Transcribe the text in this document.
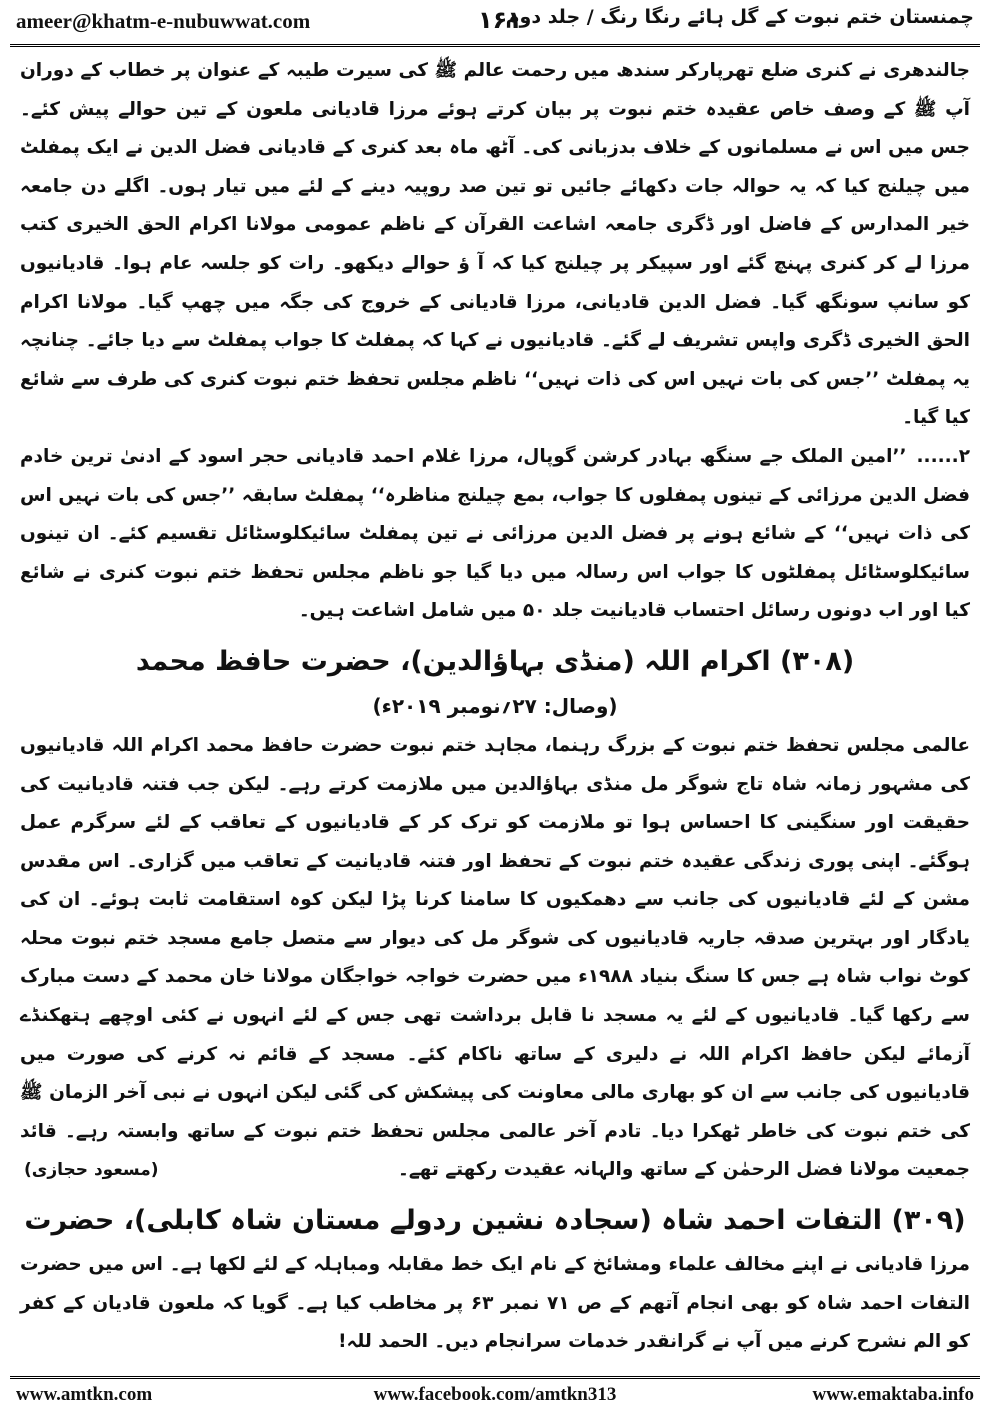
ameer@khatm-e-nubuwwat.com	۱۶۱
چمنستان ختم نبوت کے گل ہائے رنگا رنگ / جلد دوم

جالندھری نے کنری ضلع تھرپارکر سندھ میں رحمت عالم ﷺ کی سیرت طیبہ کے عنوان پر خطاب کے دوران آپ ﷺ کے وصف خاص عقیدہ ختم نبوت پر بیان کرتے ہوئے مرزا قادیانی ملعون کے تین حوالے پیش کئے۔ جس میں اس نے مسلمانوں کے خلاف بدزبانی کی۔ آٹھ ماہ بعد کنری کے قادیانی فضل الدین نے ایک پمفلٹ میں چیلنج کیا کہ یہ حوالہ جات دکھائے جائیں تو تین صد روپیہ دینے کے لئے میں تیار ہوں۔ اگلے دن جامعہ خیر المدارس کے فاضل اور ڈگری جامعہ اشاعت القرآن کے ناظم عمومی مولانا اکرام الحق الخیری کتب مرزا لے کر کنری پہنچ گئے اور سپیکر پر چیلنج کیا کہ آ ؤ حوالے دیکھو۔ رات کو جلسہ عام ہوا۔ قادیانیوں کو سانپ سونگھ گیا۔ فضل الدین قادیانی، مرزا قادیانی کے خروج کی جگہ میں چھپ گیا۔ مولانا اکرام الحق الخیری ڈگری واپس تشریف لے گئے۔ قادیانیوں نے کہا کہ پمفلٹ کا جواب پمفلٹ سے دیا جائے۔ چنانچہ یہ پمفلٹ ’’جس کی بات نہیں اس کی ذات نہیں‘‘ ناظم مجلس تحفظ ختم نبوت کنری کی طرف سے شائع کیا گیا۔

۲......’’امین الملک جے سنگھ بہادر کرشن گوپال، مرزا غلام احمد قادیانی حجر اسود کے ادنیٰ ترین خادم فضل الدین مرزائی کے تینوں پمفلوں کا جواب، بمع چیلنج مناظرہ‘‘ پمفلٹ سابقہ ’’جس کی بات نہیں اس کی ذات نہیں‘‘ کے شائع ہونے پر فضل الدین مرزائی نے تین پمفلٹ سائیکلوسٹائل تقسیم کئے۔ ان تینوں سائیکلوسٹائل پمفلٹوں کا جواب اس رسالہ میں دیا گیا جو ناظم مجلس تحفظ ختم نبوت کنری نے شائع کیا اور اب دونوں رسائل احتساب قادیانیت جلد ۵۰ میں شامل اشاعت ہیں۔

(۳۰۸) اکرام اللہ (منڈی بہاؤالدین)، حضرت حافظ محمد
(وصال: ۲۷؍نومبر ۲۰۱۹ء)

عالمی مجلس تحفظ ختم نبوت کے بزرگ رہنما، مجاہد ختم نبوت حضرت حافظ محمد اکرام اللہ قادیانیوں کی مشہور زمانہ شاہ تاج شوگر مل منڈی بہاؤالدین میں ملازمت کرتے رہے۔ لیکن جب فتنہ قادیانیت کی حقیقت اور سنگینی کا احساس ہوا تو ملازمت کو ترک کر کے قادیانیوں کے تعاقب کے لئے سرگرم عمل ہوگئے۔ اپنی پوری زندگی عقیدہ ختم نبوت کے تحفظ اور فتنہ قادیانیت کے تعاقب میں گزاری۔ اس مقدس مشن کے لئے قادیانیوں کی جانب سے دھمکیوں کا سامنا کرنا پڑا لیکن کوہ استقامت ثابت ہوئے۔ ان کی یادگار اور بہترین صدقہ جاریہ قادیانیوں کی شوگر مل کی دیوار سے متصل جامع مسجد ختم نبوت محلہ کوٹ نواب شاہ ہے جس کا سنگ بنیاد ۱۹۸۸ء میں حضرت خواجہ خواجگان مولانا خان محمد کے دست مبارک سے رکھا گیا۔ قادیانیوں کے لئے یہ مسجد نا قابل برداشت تھی جس کے لئے انہوں نے کئی اوچھے ہتھکنڈے آزمائے لیکن حافظ اکرام اللہ نے دلیری کے ساتھ ناکام کئے۔ مسجد کے قائم نہ کرنے کی صورت میں قادیانیوں کی جانب سے ان کو بھاری مالی معاونت کی پیشکش کی گئی لیکن انہوں نے نبی آخر الزمان ﷺ کی ختم نبوت کی خاطر ٹھکرا دیا۔ تادم آخر عالمی مجلس تحفظ ختم نبوت کے ساتھ وابستہ رہے۔ قائد جمعیت مولانا فضل الرحمٰن کے ساتھ والہانہ عقیدت رکھتے تھے۔
(مسعود حجازی)

(۳۰۹) التفات احمد شاہ (سجادہ نشین ردولے مستان شاہ کابلی)، حضرت

مرزا قادیانی نے اپنے مخالف علماء ومشائخ کے نام ایک خط مقابلہ ومباہلہ کے لئے لکھا ہے۔ اس میں حضرت التفات احمد شاہ کو بھی انجام آتھم کے ص ۷۱ نمبر ۶۳ پر مخاطب کیا ہے۔ گویا کہ ملعون قادیان کے کفر کو الم نشرح کرنے میں آپ نے گرانقدر خدمات سرانجام دیں۔ الحمد للہ!

www.amtkn.com	www.facebook.com/amtkn313	www.emaktaba.info
